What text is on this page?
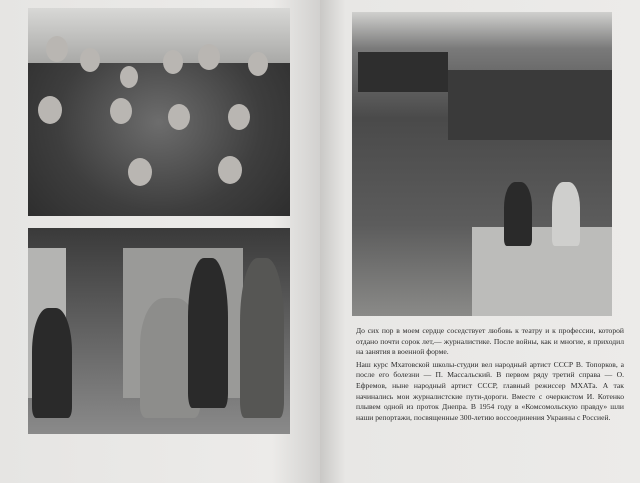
До сих пор в моем сердце соседствует любовь к театру и к профессии, которой отдано почти сорок лет,— журналистике. После войны, как и многие, я приходил на занятия в военной форме.

Наш курс Мхатовской школы-студии вел народный артист СССР В. Топорков, а после его болезни — П. Массальский. В первом ряду третий справа — О. Ефремов, ныне народный артист СССР, главный режиссер МХАТа. А так начинались мои журналистские пути-дороги. Вместе с очеркистом И. Котенко плывем одной из проток Днепра. В 1954 году в «Комсомольскую правду» шли наши репортажи, посвященные 300-летию воссоединения Украины с Россией.
